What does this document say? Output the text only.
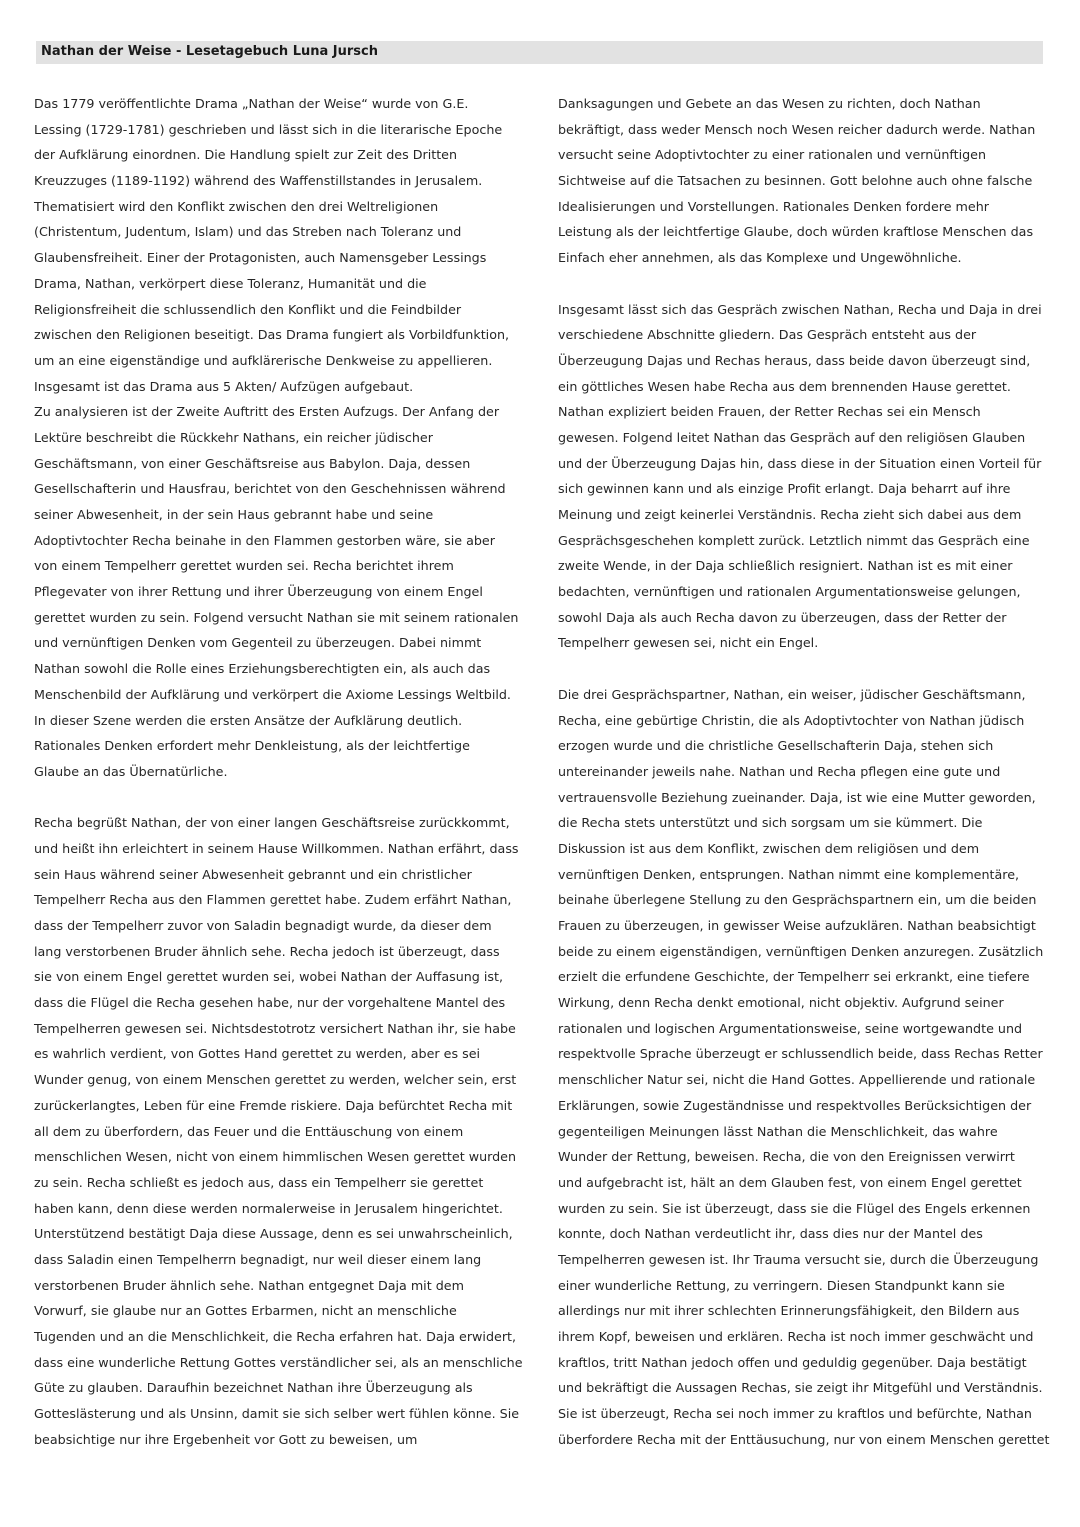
Nathan der Weise - Lesetagebuch Luna Jursch
Das 1779 veröffentlichte Drama „Nathan der Weise“ wurde von G.E.
Lessing (1729-1781) geschrieben und lässt sich in die literarische Epoche
der Aufklärung einordnen. Die Handlung spielt zur Zeit des Dritten
Kreuzzuges (1189-1192) während des Waffenstillstandes in Jerusalem.
Thematisiert wird den Konflikt zwischen den drei Weltreligionen
(Christentum, Judentum, Islam) und das Streben nach Toleranz und
Glaubensfreiheit. Einer der Protagonisten, auch Namensgeber Lessings
Drama, Nathan, verkörpert diese Toleranz, Humanität und die
Religionsfreiheit die schlussendlich den Konflikt und die Feindbilder
zwischen den Religionen beseitigt. Das Drama fungiert als Vorbildfunktion,
um an eine eigenständige und aufklärerische Denkweise zu appellieren.
Insgesamt ist das Drama aus 5 Akten/ Aufzügen aufgebaut.
Zu analysieren ist der Zweite Auftritt des Ersten Aufzugs. Der Anfang der
Lektüre beschreibt die Rückkehr Nathans, ein reicher jüdischer
Geschäftsmann, von einer Geschäftsreise aus Babylon. Daja, dessen
Gesellschafterin und Hausfrau, berichtet von den Geschehnissen während
seiner Abwesenheit, in der sein Haus gebrannt habe und seine
Adoptivtochter Recha beinahe in den Flammen gestorben wäre, sie aber
von einem Tempelherr gerettet wurden sei. Recha berichtet ihrem
Pflegevater von ihrer Rettung und ihrer Überzeugung von einem Engel
gerettet wurden zu sein. Folgend versucht Nathan sie mit seinem rationalen
und vernünftigen Denken vom Gegenteil zu überzeugen. Dabei nimmt
Nathan sowohl die Rolle eines Erziehungsberechtigten ein, als auch das
Menschenbild der Aufklärung und verkörpert die Axiome Lessings Weltbild.
In dieser Szene werden die ersten Ansätze der Aufklärung deutlich.
Rationales Denken erfordert mehr Denkleistung, als der leichtfertige
Glaube an das Übernatürliche.
Recha begrüßt Nathan, der von einer langen Geschäftsreise zurückkommt,
und heißt ihn erleichtert in seinem Hause Willkommen. Nathan erfährt, dass
sein Haus während seiner Abwesenheit gebrannt und ein christlicher
Tempelherr Recha aus den Flammen gerettet habe. Zudem erfährt Nathan,
dass der Tempelherr zuvor von Saladin begnadigt wurde, da dieser dem
lang verstorbenen Bruder ähnlich sehe. Recha jedoch ist überzeugt, dass
sie von einem Engel gerettet wurden sei, wobei Nathan der Auffasung ist,
dass die Flügel die Recha gesehen habe, nur der vorgehaltene Mantel des
Tempelherren gewesen sei. Nichtsdestotrotz versichert Nathan ihr, sie habe
es wahrlich verdient, von Gottes Hand gerettet zu werden, aber es sei
Wunder genug, von einem Menschen gerettet zu werden, welcher sein, erst
zurückerlangtes, Leben für eine Fremde riskiere. Daja befürchtet Recha mit
all dem zu überfordern, das Feuer und die Enttäuschung von einem
menschlichen Wesen, nicht von einem himmlischen Wesen gerettet wurden
zu sein. Recha schließt es jedoch aus, dass ein Tempelherr sie gerettet
haben kann, denn diese werden normalerweise in Jerusalem hingerichtet.
Unterstützend bestätigt Daja diese Aussage, denn es sei unwahrscheinlich,
dass Saladin einen Tempelherrn begnadigt, nur weil dieser einem lang
verstorbenen Bruder ähnlich sehe. Nathan entgegnet Daja mit dem
Vorwurf, sie glaube nur an Gottes Erbarmen, nicht an menschliche
Tugenden und an die Menschlichkeit, die Recha erfahren hat. Daja erwidert,
dass eine wunderliche Rettung Gottes verständlicher sei, als an menschliche
Güte zu glauben. Daraufhin bezeichnet Nathan ihre Überzeugung als
Gotteslästerung und als Unsinn, damit sie sich selber wert fühlen könne. Sie
beabsichtige nur ihre Ergebenheit vor Gott zu beweisen, um
Danksagungen und Gebete an das Wesen zu richten, doch Nathan
bekräftigt, dass weder Mensch noch Wesen reicher dadurch werde. Nathan
versucht seine Adoptivtochter zu einer rationalen und vernünftigen
Sichtweise auf die Tatsachen zu besinnen. Gott belohne auch ohne falsche
Idealisierungen und Vorstellungen. Rationales Denken fordere mehr
Leistung als der leichtfertige Glaube, doch würden kraftlose Menschen das
Einfach eher annehmen, als das Komplexe und Ungewöhnliche.
Insgesamt lässt sich das Gespräch zwischen Nathan, Recha und Daja in drei
verschiedene Abschnitte gliedern. Das Gespräch entsteht aus der
Überzeugung Dajas und Rechas heraus, dass beide davon überzeugt sind,
ein göttliches Wesen habe Recha aus dem brennenden Hause gerettet.
Nathan expliziert beiden Frauen, der Retter Rechas sei ein Mensch
gewesen. Folgend leitet Nathan das Gespräch auf den religiösen Glauben
und der Überzeugung Dajas hin, dass diese in der Situation einen Vorteil für
sich gewinnen kann und als einzige Profit erlangt. Daja beharrt auf ihre
Meinung und zeigt keinerlei Verständnis. Recha zieht sich dabei aus dem
Gesprächsgeschehen komplett zurück. Letztlich nimmt das Gespräch eine
zweite Wende, in der Daja schließlich resigniert. Nathan ist es mit einer
bedachten, vernünftigen und rationalen Argumentationsweise gelungen,
sowohl Daja als auch Recha davon zu überzeugen, dass der Retter der
Tempelherr gewesen sei, nicht ein Engel.
Die drei Gesprächspartner, Nathan, ein weiser, jüdischer Geschäftsmann,
Recha, eine gebürtige Christin, die als Adoptivtochter von Nathan jüdisch
erzogen wurde und die christliche Gesellschafterin Daja, stehen sich
untereinander jeweils nahe. Nathan und Recha pflegen eine gute und
vertrauensvolle Beziehung zueinander. Daja, ist wie eine Mutter geworden,
die Recha stets unterstützt und sich sorgsam um sie kümmert. Die
Diskussion ist aus dem Konflikt, zwischen dem religiösen und dem
vernünftigen Denken, entsprungen. Nathan nimmt eine komplementäre,
beinahe überlegene Stellung zu den Gesprächspartnern ein, um die beiden
Frauen zu überzeugen, in gewisser Weise aufzuklären. Nathan beabsichtigt
beide zu einem eigenständigen, vernünftigen Denken anzuregen. Zusätzlich
erzielt die erfundene Geschichte, der Tempelherr sei erkrankt, eine tiefere
Wirkung, denn Recha denkt emotional, nicht objektiv. Aufgrund seiner
rationalen und logischen Argumentationsweise, seine wortgewandte und
respektvolle Sprache überzeugt er schlussendlich beide, dass Rechas Retter
menschlicher Natur sei, nicht die Hand Gottes. Appellierende und rationale
Erklärungen, sowie Zugeständnisse und respektvolles Berücksichtigen der
gegenteiligen Meinungen lässt Nathan die Menschlichkeit, das wahre
Wunder der Rettung, beweisen. Recha, die von den Ereignissen verwirrt
und aufgebracht ist, hält an dem Glauben fest, von einem Engel gerettet
wurden zu sein. Sie ist überzeugt, dass sie die Flügel des Engels erkennen
konnte, doch Nathan verdeutlicht ihr, dass dies nur der Mantel des
Tempelherren gewesen ist. Ihr Trauma versucht sie, durch die Überzeugung
einer wunderliche Rettung, zu verringern. Diesen Standpunkt kann sie
allerdings nur mit ihrer schlechten Erinnerungsfähigkeit, den Bildern aus
ihrem Kopf, beweisen und erklären. Recha ist noch immer geschwächt und
kraftlos, tritt Nathan jedoch offen und geduldig gegenüber. Daja bestätigt
und bekräftigt die Aussagen Rechas, sie zeigt ihr Mitgefühl und Verständnis.
Sie ist überzeugt, Recha sei noch immer zu kraftlos und befürchte, Nathan
überfordere Recha mit der Enttäusuchung, nur von einem Menschen gerettet
